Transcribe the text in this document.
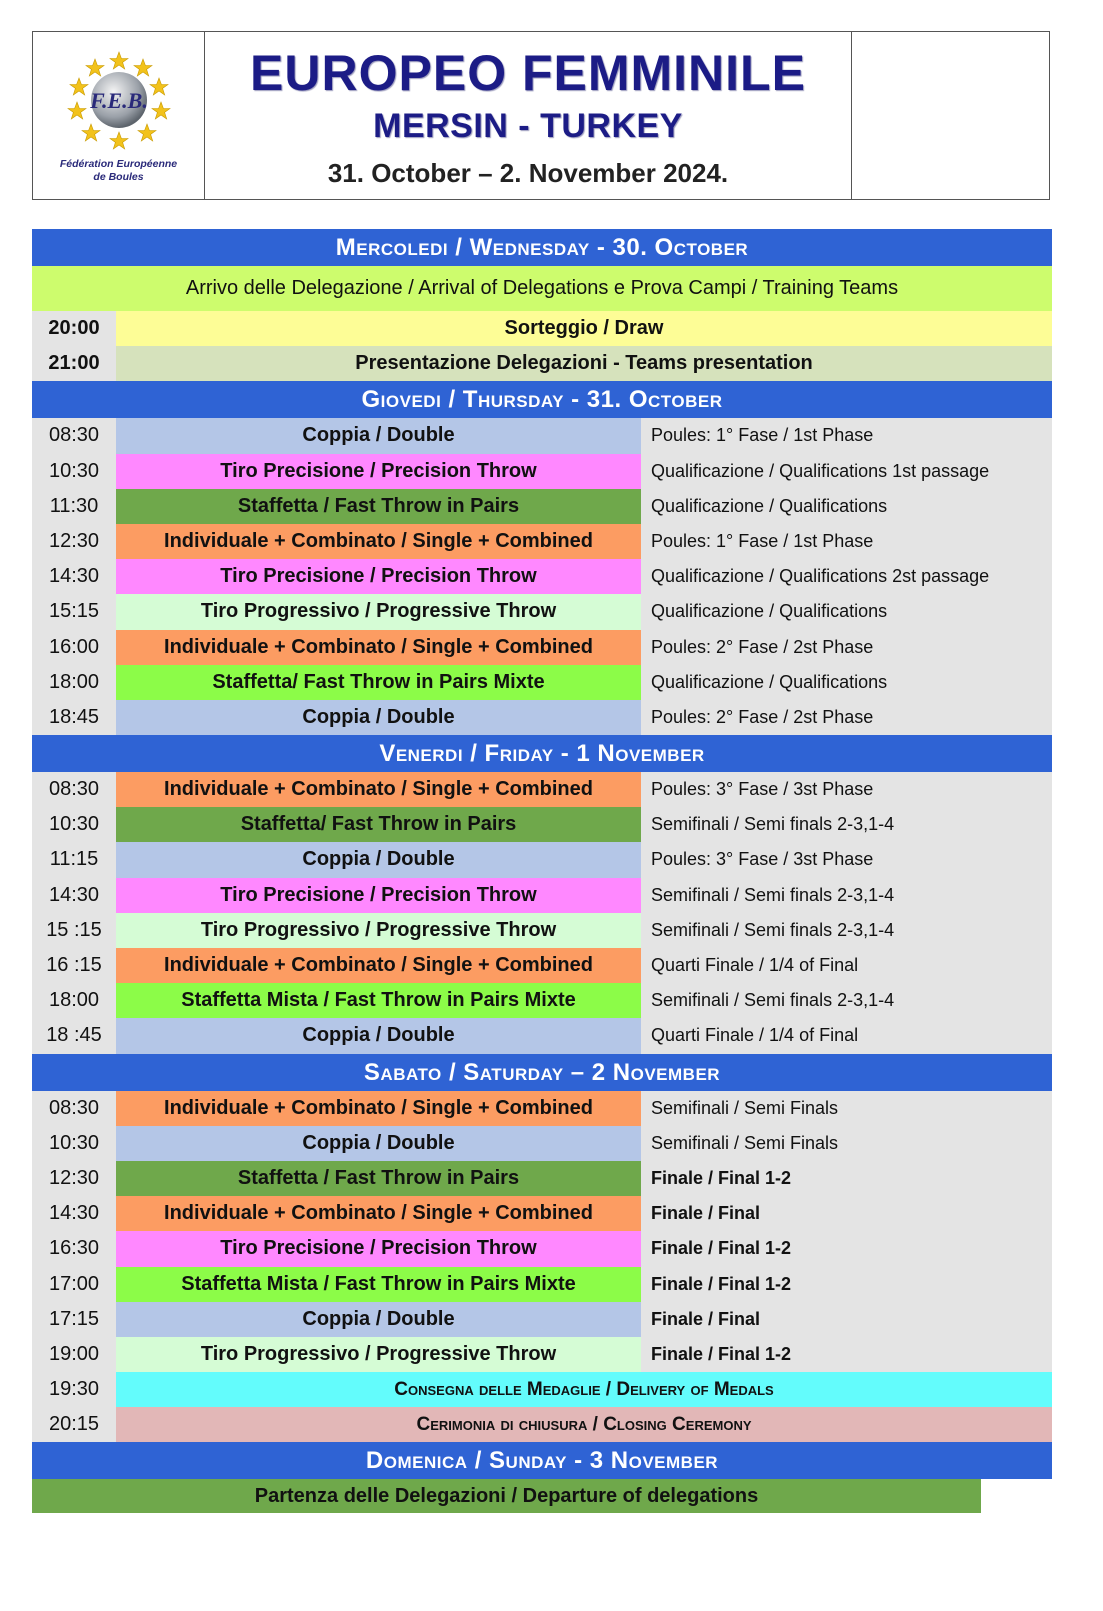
F.E.B.
Fédération Européenne
de Boules
EUROPEO FEMMINILE
MERSIN - TURKEY
31. October – 2. November 2024.
Mercoledi / Wednesday - 30. October
Arrivo delle Delegazione / Arrival of Delegations e Prova Campi / Training Teams
20:00	Sorteggio / Draw
21:00	Presentazione Delegazioni - Teams presentation
Giovedi / Thursday - 31. October
08:30	Coppia / Double	Poules: 1° Fase / 1st Phase
10:30	Tiro Precisione / Precision Throw	Qualificazione / Qualifications 1st passage
11:30	Staffetta / Fast Throw in Pairs	Qualificazione / Qualifications
12:30	Individuale + Combinato / Single + Combined	Poules: 1° Fase / 1st Phase
14:30	Tiro Precisione / Precision Throw	Qualificazione / Qualifications 2st passage
15:15	Tiro Progressivo / Progressive Throw	Qualificazione / Qualifications
16:00	Individuale + Combinato / Single + Combined	Poules: 2° Fase / 2st Phase
18:00	Staffetta/ Fast Throw in Pairs Mixte	Qualificazione / Qualifications
18:45	Coppia / Double	Poules: 2° Fase / 2st Phase
Venerdi / Friday - 1 November
08:30	Individuale + Combinato / Single + Combined	Poules: 3° Fase / 3st Phase
10:30	Staffetta/ Fast Throw in Pairs	Semifinali / Semi finals 2-3,1-4
11:15	Coppia / Double	Poules: 3° Fase / 3st Phase
14:30	Tiro Precisione / Precision Throw	Semifinali / Semi finals 2-3,1-4
15 :15	Tiro Progressivo / Progressive Throw	Semifinali / Semi finals 2-3,1-4
16 :15	Individuale + Combinato / Single + Combined	Quarti Finale / 1/4 of Final
18:00	Staffetta Mista / Fast Throw in Pairs Mixte	Semifinali / Semi finals 2-3,1-4
18 :45	Coppia / Double	Quarti Finale / 1/4 of Final
Sabato / Saturday – 2 November
08:30	Individuale + Combinato / Single + Combined	Semifinali / Semi Finals
10:30	Coppia / Double	Semifinali / Semi Finals
12:30	Staffetta / Fast Throw in Pairs	Finale / Final 1-2
14:30	Individuale + Combinato / Single + Combined	Finale / Final
16:30	Tiro Precisione / Precision Throw	Finale / Final 1-2
17:00	Staffetta Mista / Fast Throw in Pairs Mixte	Finale / Final 1-2
17:15	Coppia / Double	Finale / Final
19:00	Tiro Progressivo / Progressive Throw	Finale / Final 1-2
19:30	Consegna delle Medaglie / Delivery of Medals
20:15	Cerimonia di chiusura / Closing Ceremony
Domenica / Sunday - 3 November
Partenza delle Delegazioni / Departure of delegations
